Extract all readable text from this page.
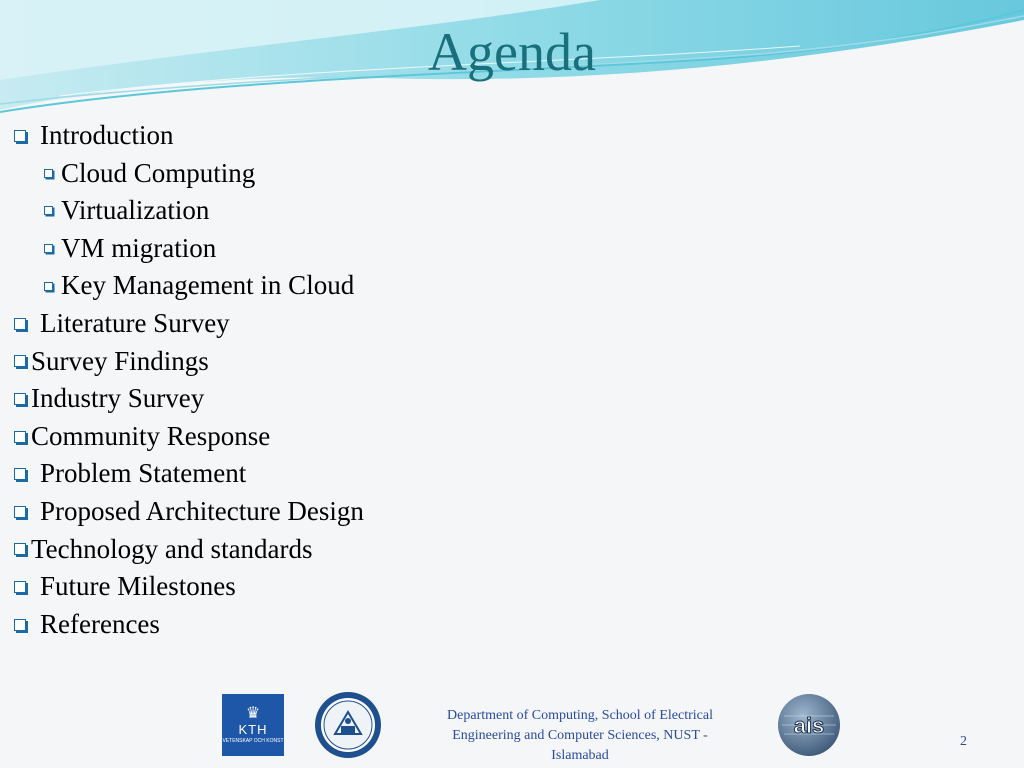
Agenda
Introduction
Cloud Computing
Virtualization
VM migration
Key Management in Cloud
Literature Survey
Survey Findings
Industry Survey
Community Response
Problem Statement
Proposed Architecture Design
Technology and standards
Future Milestones
References
♛
KTH
VETENSKAP OCH KONST
ais
Department of Computing, School of Electrical
Engineering and Computer Sciences, NUST -
Islamabad
2
